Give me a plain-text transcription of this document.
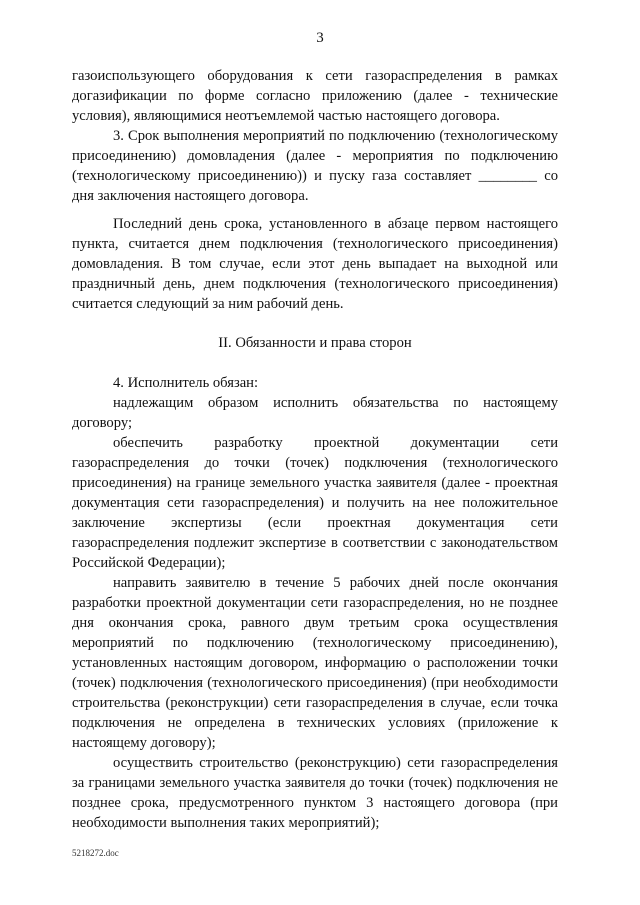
3

газоиспользующего оборудования к сети газораспределения в рамках догазификации по форме согласно приложению (далее - технические условия), являющимися неотъемлемой частью настоящего договора.

3. Срок выполнения мероприятий по подключению (технологическому присоединению) домовладения (далее - мероприятия по подключению (технологическому присоединению)) и пуску газа составляет ________ со дня заключения настоящего договора.

Последний день срока, установленного в абзаце первом настоящего пункта, считается днем подключения (технологического присоединения) домовладения. В том случае, если этот день выпадает на выходной или праздничный день, днем подключения (технологического присоединения) считается следующий за ним рабочий день.

II. Обязанности и права сторон

4. Исполнитель обязан:

надлежащим образом исполнить обязательства по настоящему договору;

обеспечить разработку проектной документации сети газораспределения до точки (точек) подключения (технологического присоединения) на границе земельного участка заявителя (далее - проектная документация сети газораспределения) и получить на нее положительное заключение экспертизы (если проектная документация сети газораспределения подлежит экспертизе в соответствии с законодательством Российской Федерации);

направить заявителю в течение 5 рабочих дней после окончания разработки проектной документации сети газораспределения, но не позднее дня окончания срока, равного двум третьим срока осуществления мероприятий по подключению (технологическому присоединению), установленных настоящим договором, информацию о расположении точки (точек) подключения (технологического присоединения) (при необходимости строительства (реконструкции) сети газораспределения в случае, если точка подключения не определена в технических условиях (приложение к настоящему договору);

осуществить строительство (реконструкцию) сети газораспределения за границами земельного участка заявителя до точки (точек) подключения не позднее срока, предусмотренного пунктом 3 настоящего договора (при необходимости выполнения таких мероприятий);

5218272.doc
